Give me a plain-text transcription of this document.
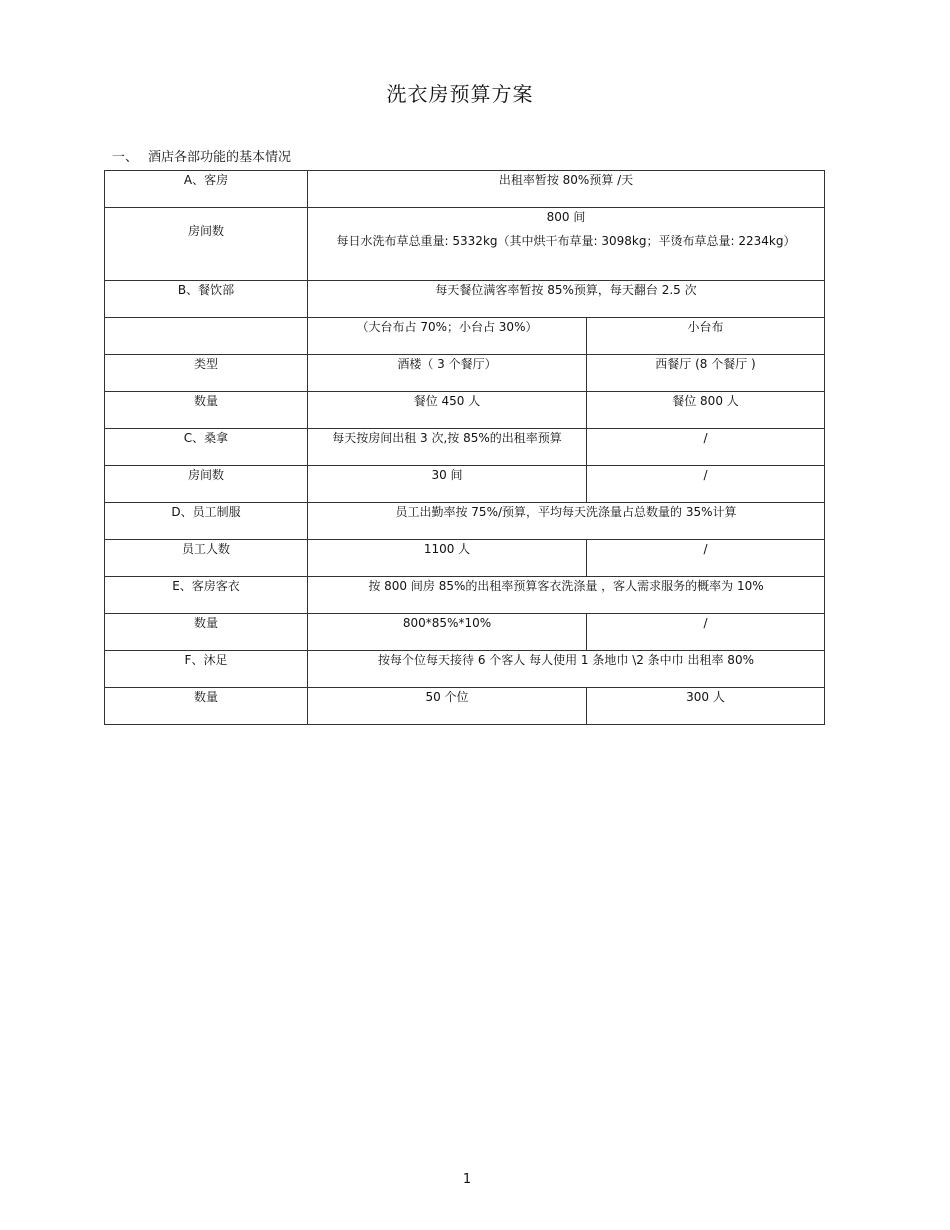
洗衣房预算方案
一、 酒店各部功能的基本情况
A、客房	出租率暂按 80%预算 /天	

房间数	800 间
每日水洗布草总重量: 5332kg（其中烘干布草量: 3098kg；平烫布草总量: 2234kg）	

B、餐饮部	每天餐位满客率暂按 85%预算，每天翻台 2.5 次	

	（大台布占 70%；小台占 30%）	小台布

类型	酒楼（ 3 个餐厅）	西餐厅 (8 个餐厅 )

数量	餐位 450 人	餐位 800 人

C、桑拿	每天按房间出租 3 次,按 85%的出租率预算	/

房间数	30 间	/

D、员工制服	员工出勤率按 75%/预算，平均每天洗涤量占总数量的 35%计算	

员工人数	1100 人	/

E、客房客衣	按 800 间房 85%的出租率预算客衣洗涤量 ，客人需求服务的概率为 10%	

数量	800*85%*10%	/

F、沐足	按每个位每天接待 6 个客人 每人使用 1 条地巾 \2 条中巾 出租率 80%	

数量	50 个位	300 人
1
